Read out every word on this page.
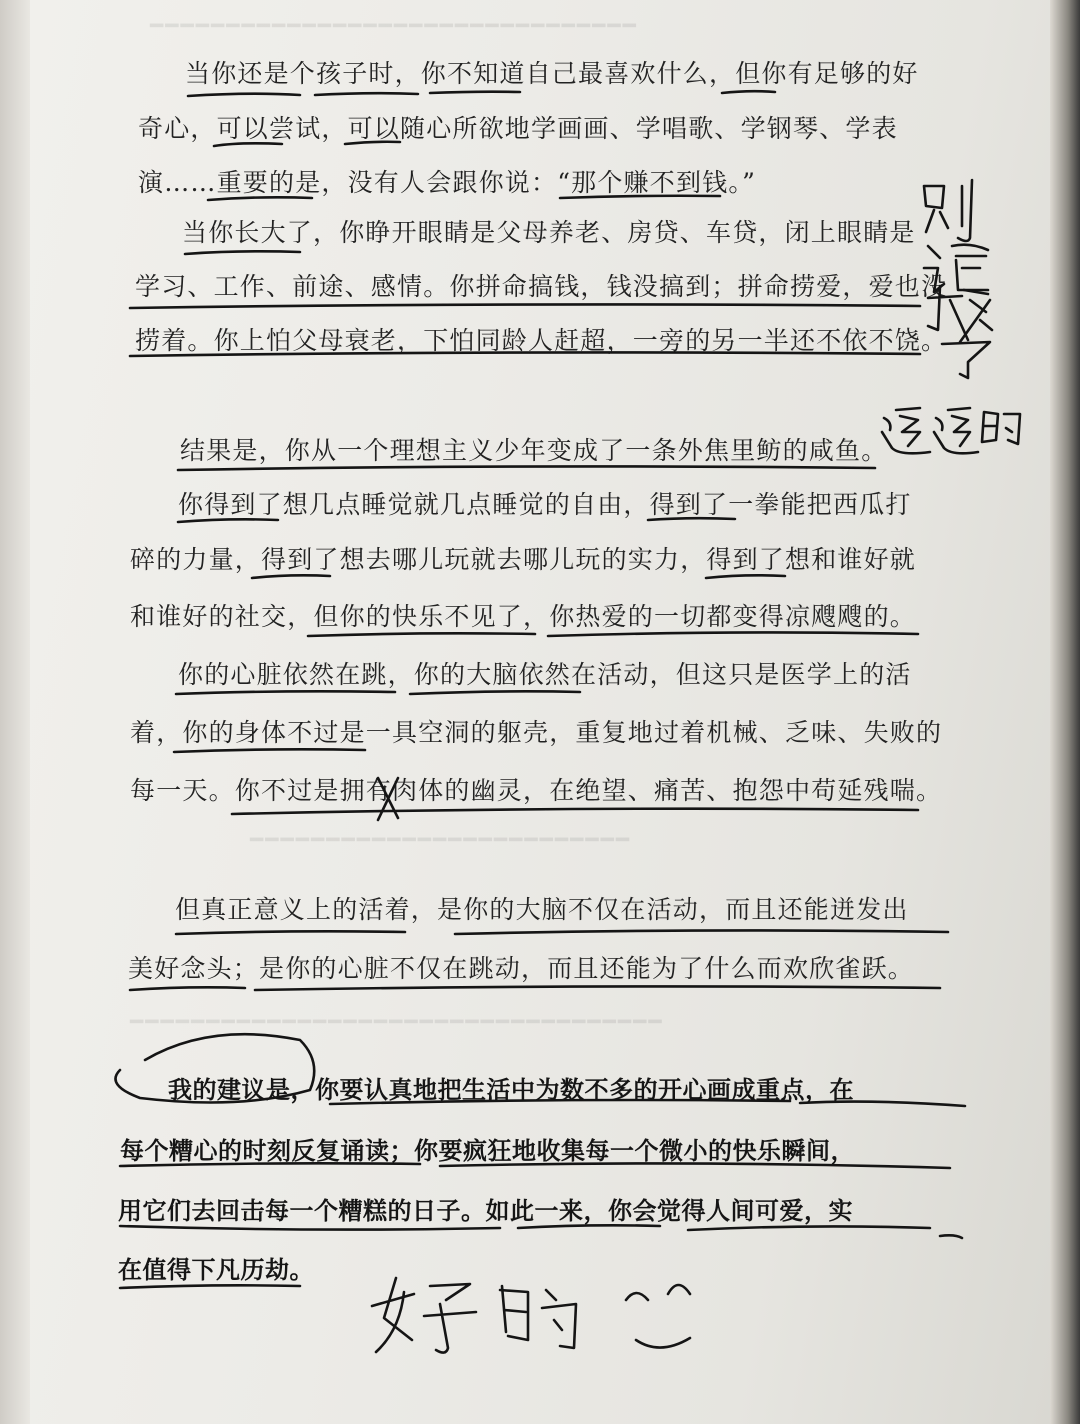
━━━━━━━━━━━━━━━━━━━━━━━━━━━━━━━━
━━━━━━━━━━━━━━━━━━━━━━━━━
━━━━━━━━━━━━━━━━━━━━━━━━━━━━━━━━━━━
当你还是个孩子时，你不知道自己最喜欢什么，但你有足够的好
奇心，可以尝试，可以随心所欲地学画画、学唱歌、学钢琴、学表
演……重要的是，没有人会跟你说：“那个赚不到钱。”
当你长大了，你睁开眼睛是父母养老、房贷、车贷，闭上眼睛是
学习、工作、前途、感情。你拼命搞钱，钱没搞到；拼命捞爱，爱也没
捞着。你上怕父母衰老，下怕同龄人赶超，一旁的另一半还不依不饶。
结果是，你从一个理想主义少年变成了一条外焦里鲂的咸鱼。
你得到了想几点睡觉就几点睡觉的自由，得到了一拳能把西瓜打
碎的力量，得到了想去哪儿玩就去哪儿玩的实力，得到了想和谁好就
和谁好的社交，但你的快乐不见了，你热爱的一切都变得凉飕飕的。
你的心脏依然在跳，你的大脑依然在活动，但这只是医学上的活
着，你的身体不过是一具空洞的躯壳，重复地过着机械、乏味、失败的
每一天。你不过是拥有肉体的幽灵，在绝望、痛苦、抱怨中苟延残喘。
但真正意义上的活着，是你的大脑不仅在活动，而且还能迸发出
美好念头；是你的心脏不仅在跳动，而且还能为了什么而欢欣雀跃。
我的建议是，你要认真地把生活中为数不多的开心画成重点，在
每个糟心的时刻反复诵读；你要疯狂地收集每一个微小的快乐瞬间，
用它们去回击每一个糟糕的日子。如此一来，你会觉得人间可爱，实
在值得下凡历劫。
